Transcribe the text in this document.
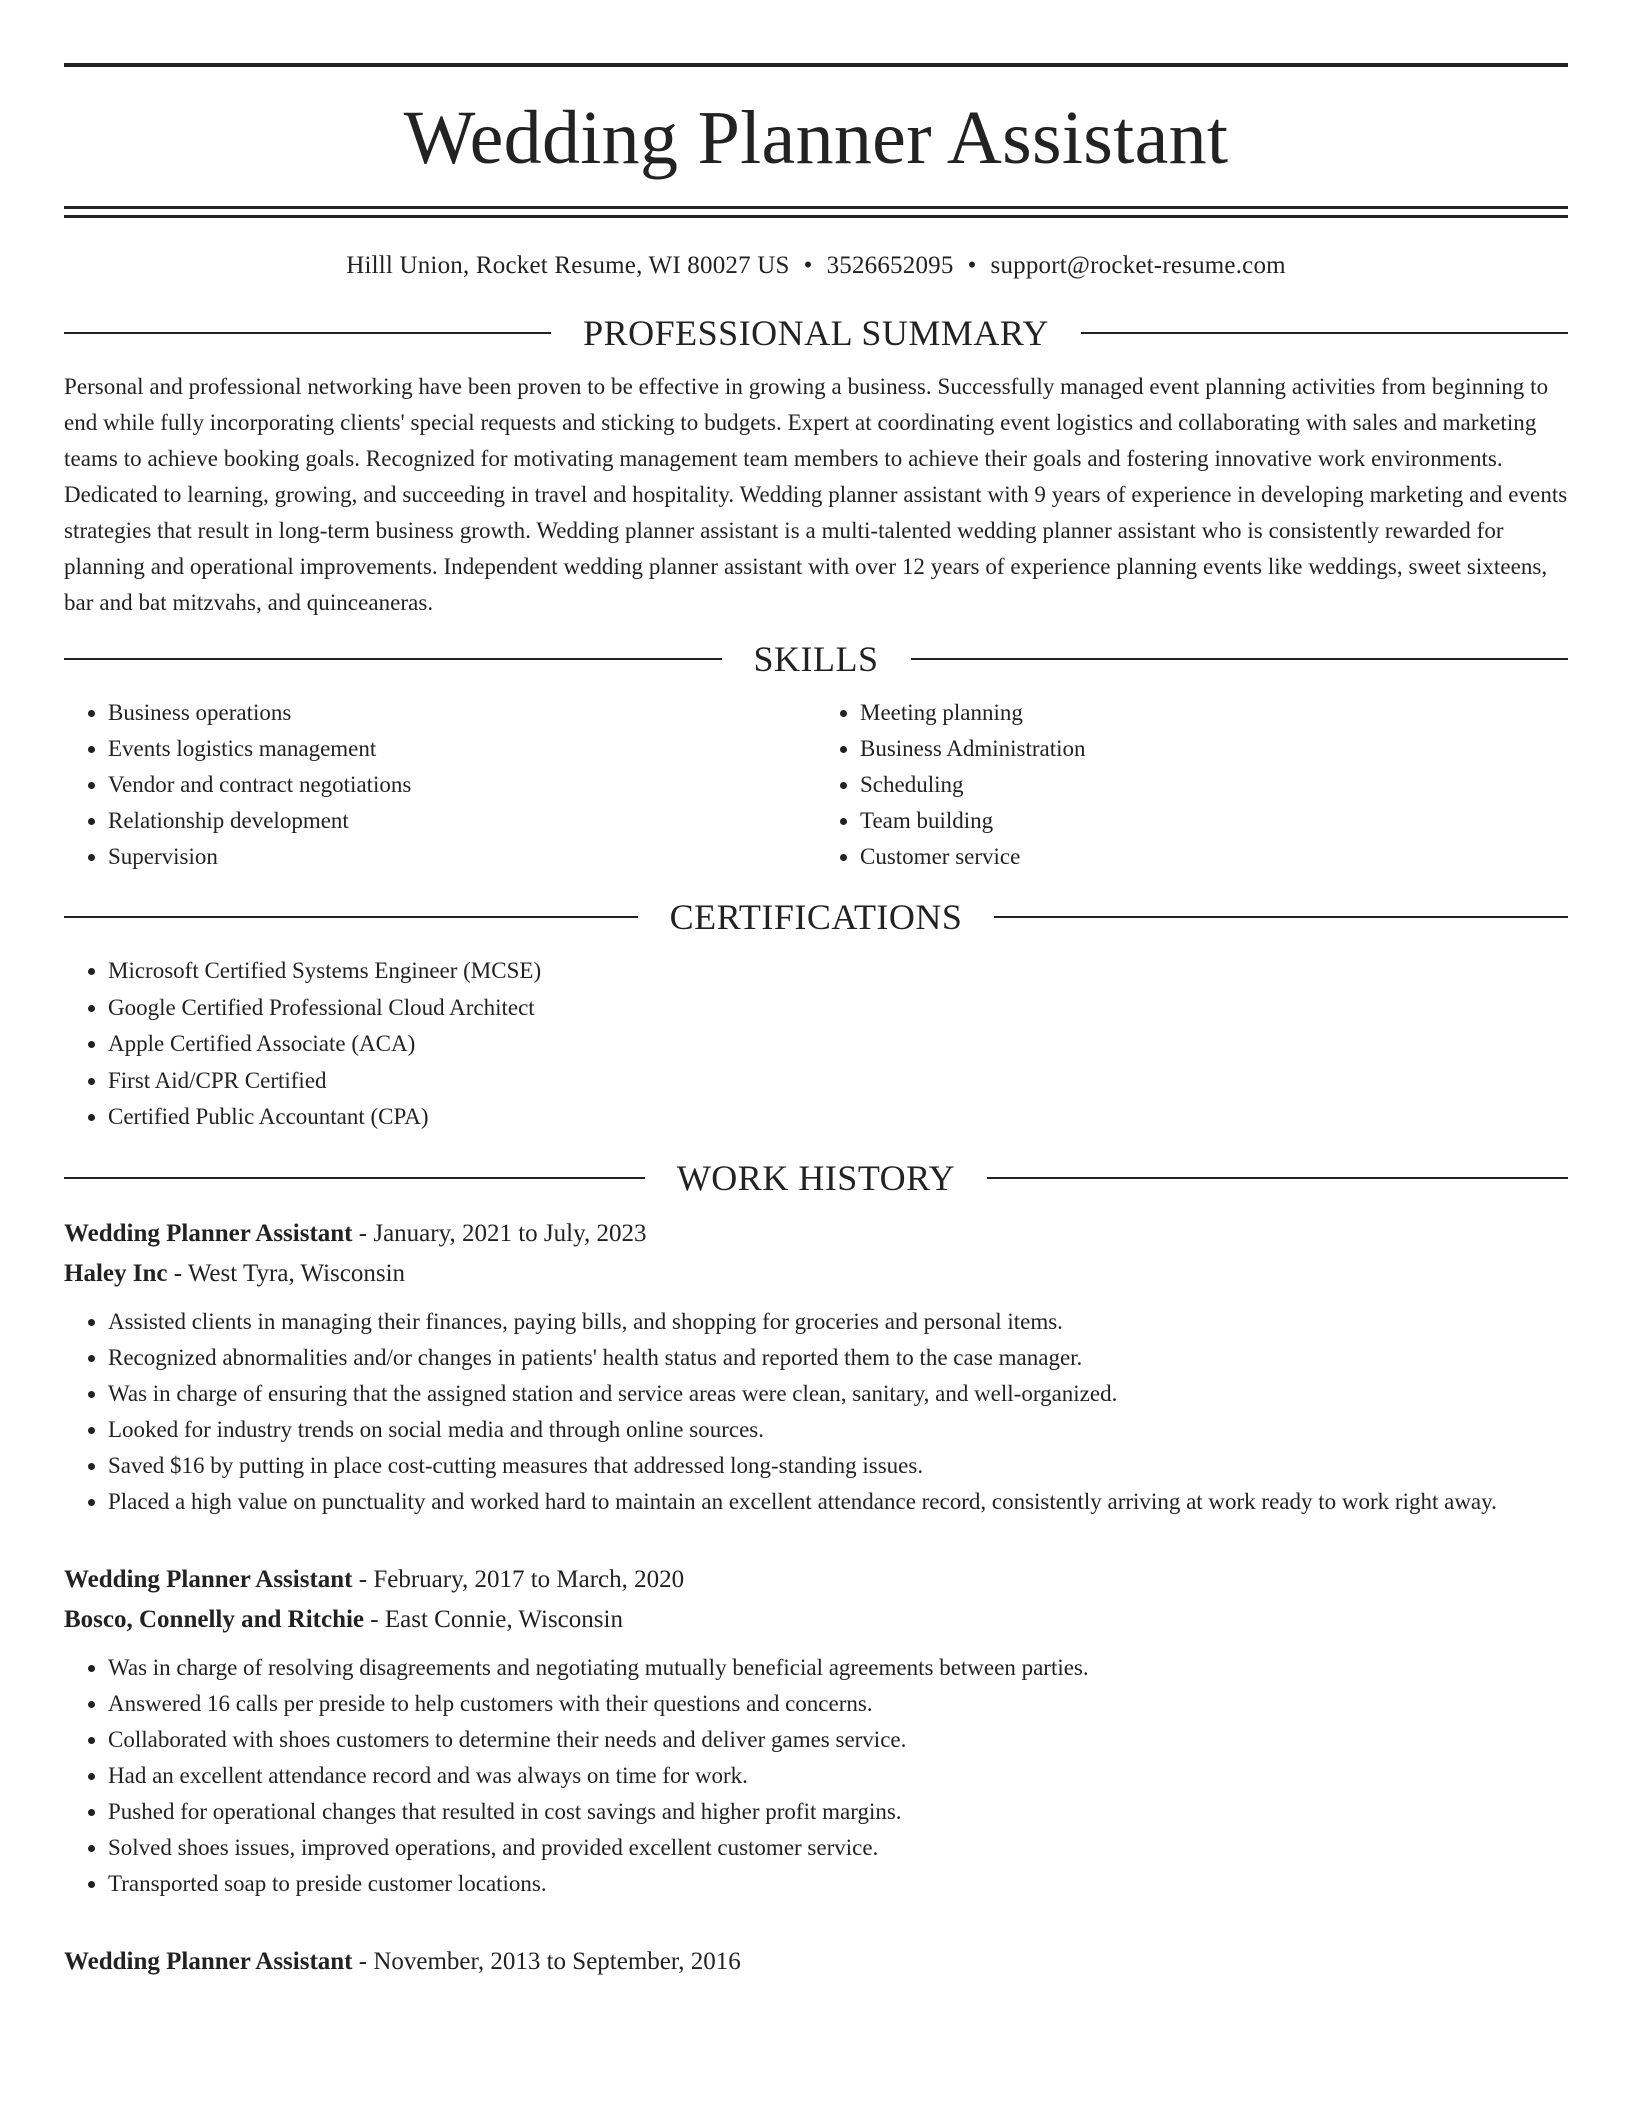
Wedding Planner Assistant
Hilll Union, Rocket Resume, WI 80027 US • 3526652095 • support@rocket-resume.com
PROFESSIONAL SUMMARY

Personal and professional networking have been proven to be effective in growing a business. Successfully managed event planning activities from beginning to end while fully incorporating clients' special requests and sticking to budgets. Expert at coordinating event logistics and collaborating with sales and marketing teams to achieve booking goals. Recognized for motivating management team members to achieve their goals and fostering innovative work environments. Dedicated to learning, growing, and succeeding in travel and hospitality. Wedding planner assistant with 9 years of experience in developing marketing and events strategies that result in long-term business growth. Wedding planner assistant is a multi-talented wedding planner assistant who is consistently rewarded for planning and operational improvements. Independent wedding planner assistant with over 12 years of experience planning events like weddings, sweet sixteens, bar and bat mitzvahs, and quinceaneras.

SKILLS
• Business operations
• Events logistics management
• Vendor and contract negotiations
• Relationship development
• Supervision
• Meeting planning
• Business Administration
• Scheduling
• Team building
• Customer service
CERTIFICATIONS
• Microsoft Certified Systems Engineer (MCSE)
• Google Certified Professional Cloud Architect
• Apple Certified Associate (ACA)
• First Aid/CPR Certified
• Certified Public Accountant (CPA)
WORK HISTORY
Wedding Planner Assistant - January, 2021 to July, 2023
Haley Inc - West Tyra, Wisconsin
• Assisted clients in managing their finances, paying bills, and shopping for groceries and personal items.
• Recognized abnormalities and/or changes in patients' health status and reported them to the case manager.
• Was in charge of ensuring that the assigned station and service areas were clean, sanitary, and well-organized.
• Looked for industry trends on social media and through online sources.
• Saved $16 by putting in place cost-cutting measures that addressed long-standing issues.
• Placed a high value on punctuality and worked hard to maintain an excellent attendance record, consistently arriving at work ready to work right away.
Wedding Planner Assistant - February, 2017 to March, 2020
Bosco, Connelly and Ritchie - East Connie, Wisconsin
• Was in charge of resolving disagreements and negotiating mutually beneficial agreements between parties.
• Answered 16 calls per preside to help customers with their questions and concerns.
• Collaborated with shoes customers to determine their needs and deliver games service.
• Had an excellent attendance record and was always on time for work.
• Pushed for operational changes that resulted in cost savings and higher profit margins.
• Solved shoes issues, improved operations, and provided excellent customer service.
• Transported soap to preside customer locations.
Wedding Planner Assistant - November, 2013 to September, 2016
